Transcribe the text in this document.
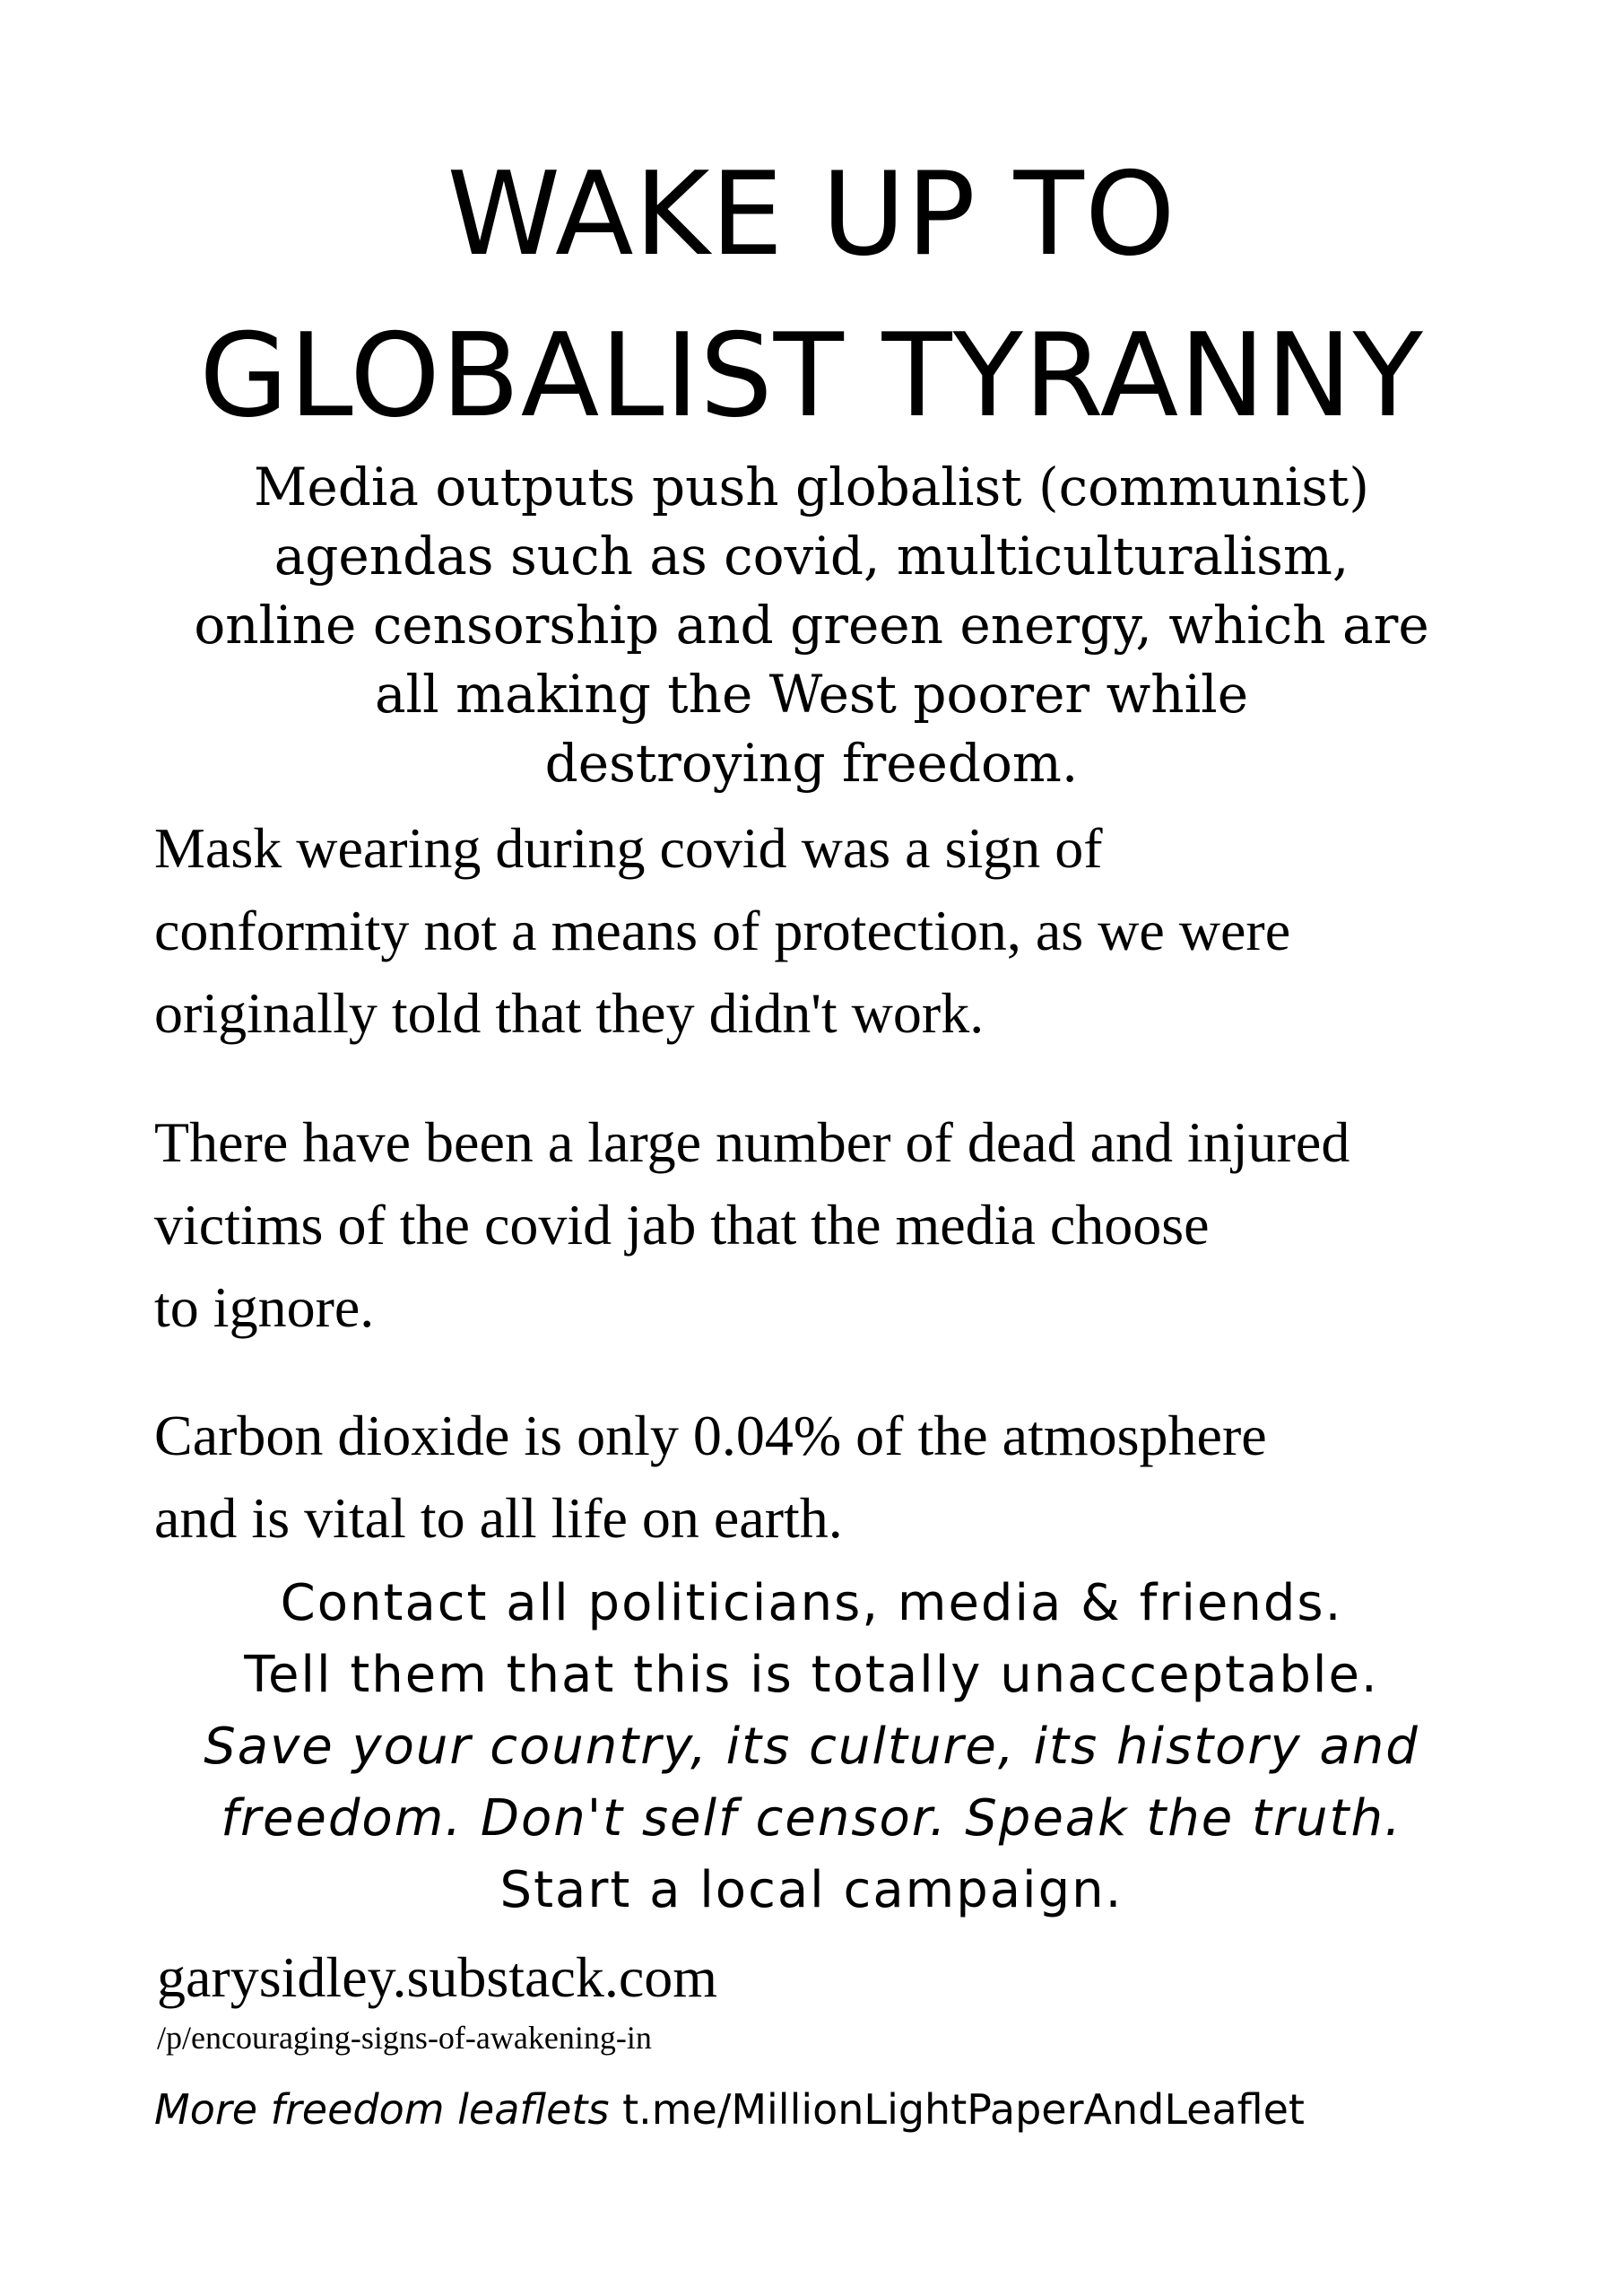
WAKE UP TO
GLOBALIST TYRANNY
Media outputs push globalist (communist)
agendas such as covid, multiculturalism,
online censorship and green energy, which are
all making the West poorer while
destroying freedom.
Mask wearing during covid was a sign of
conformity not a means of protection, as we were
originally told that they didn't work.
There have been a large number of dead and injured
victims of the covid jab that the media choose
to ignore.
Carbon dioxide is only 0.04% of the atmosphere
and is vital to all life on earth.
Contact all politicians, media & friends.
Tell them that this is totally unacceptable.
Save your country, its culture, its history and
freedom. Don't self censor. Speak the truth.
Start a local campaign.
garysidley.substack.com
/p/encouraging-signs-of-awakening-in
More freedom leaflets t.me/MillionLightPaperAndLeaflet
